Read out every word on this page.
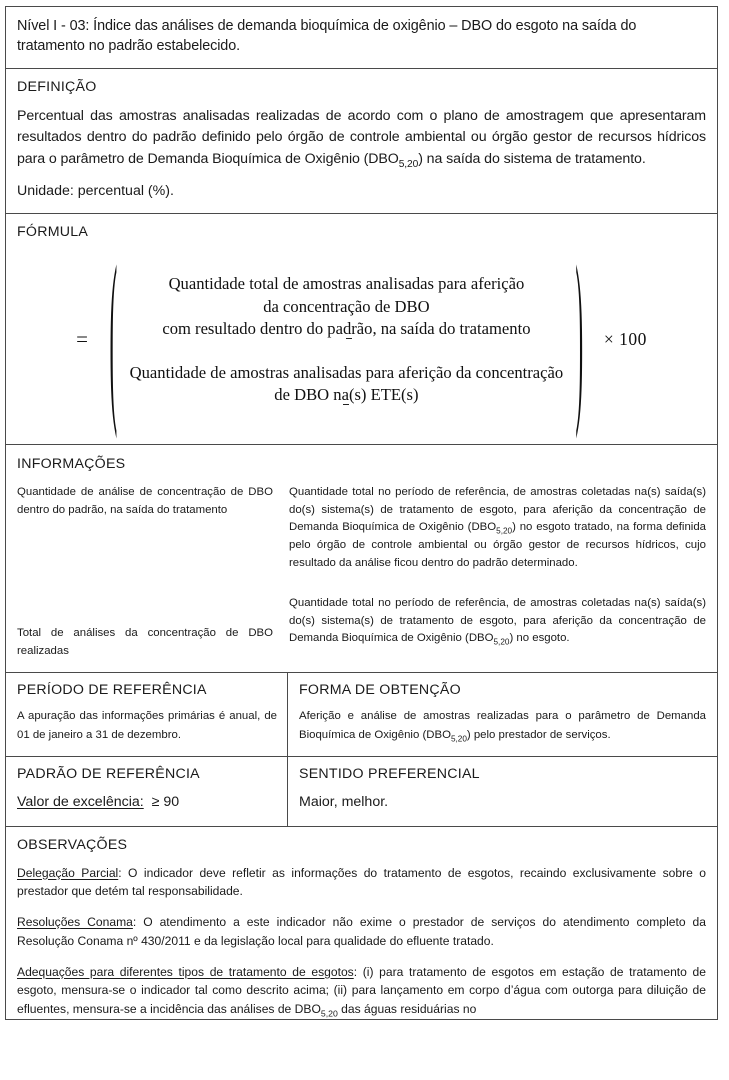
Nível I - 03: Índice das análises de demanda bioquímica de oxigênio – DBO do esgoto na saída do tratamento no padrão estabelecido.
DEFINIÇÃO

Percentual das amostras analisadas realizadas de acordo com o plano de amostragem que apresentaram resultados dentro do padrão definido pelo órgão de controle ambiental ou órgão gestor de recursos hídricos para o parâmetro de Demanda Bioquímica de Oxigênio $(DBO_{5,20})$ na saída do sistema de tratamento.

Unidade: percentual (%).

FÓRMULA
= (	Quantidade total de amostras analisadas para aferição
da concentração de DBO
com resultado dentro do padrão, na saída do tratamento
Quantidade de amostras analisadas para aferição da concentração
de DBO na(s) ETE(s)	) × 100
INFORMAÇÕES
Quantidade de análise de concentração de DBO dentro do padrão, na saída do tratamento
Quantidade total no período de referência, de amostras coletadas na(s) saída(s) do(s) sistema(s) de tratamento de esgoto, para aferição da concentração de Demanda Bioquímica de Oxigênio $(DBO_{5,20})$ no esgoto tratado, na forma definida pelo órgão de controle ambiental ou órgão gestor de recursos hídricos, cujo resultado da análise ficou dentro do padrão determinado.
Total de análises da concentração de DBO realizadas
Quantidade total no período de referência, de amostras coletadas na(s) saída(s) do(s) sistema(s) de tratamento de esgoto, para aferição da concentração de Demanda Bioquímica de Oxigênio $(DBO_{5,20})$ no esgoto.
PERÍODO DE REFERÊNCIA

A apuração das informações primárias é anual, de 01 de janeiro a 31 de dezembro.

FORMA DE OBTENÇÃO

Aferição e análise de amostras realizadas para o parâmetro de Demanda Bioquímica de Oxigênio $(DBO_{5,20})$ pelo prestador de serviços.

PADRÃO DE REFERÊNCIA

Valor de excelência: ≥ 90

SENTIDO PREFERENCIAL

Maior, melhor.

OBSERVAÇÕES

Delegação Parcial: O indicador deve refletir as informações do tratamento de esgotos, recaindo exclusivamente sobre o prestador que detém tal responsabilidade.

Resoluções Conama: O atendimento a este indicador não exime o prestador de serviços do atendimento completo da Resolução Conama nº 430/2011 e da legislação local para qualidade do efluente tratado.

Adequações para diferentes tipos de tratamento de esgotos: (i) para tratamento de esgotos em estação de tratamento de esgoto, mensura-se o indicador tal como descrito acima; (ii) para lançamento em corpo d’água com outorga para diluição de efluentes, mensura-se a incidência das análises de $DBO_{5,20}$ das águas residuárias no
